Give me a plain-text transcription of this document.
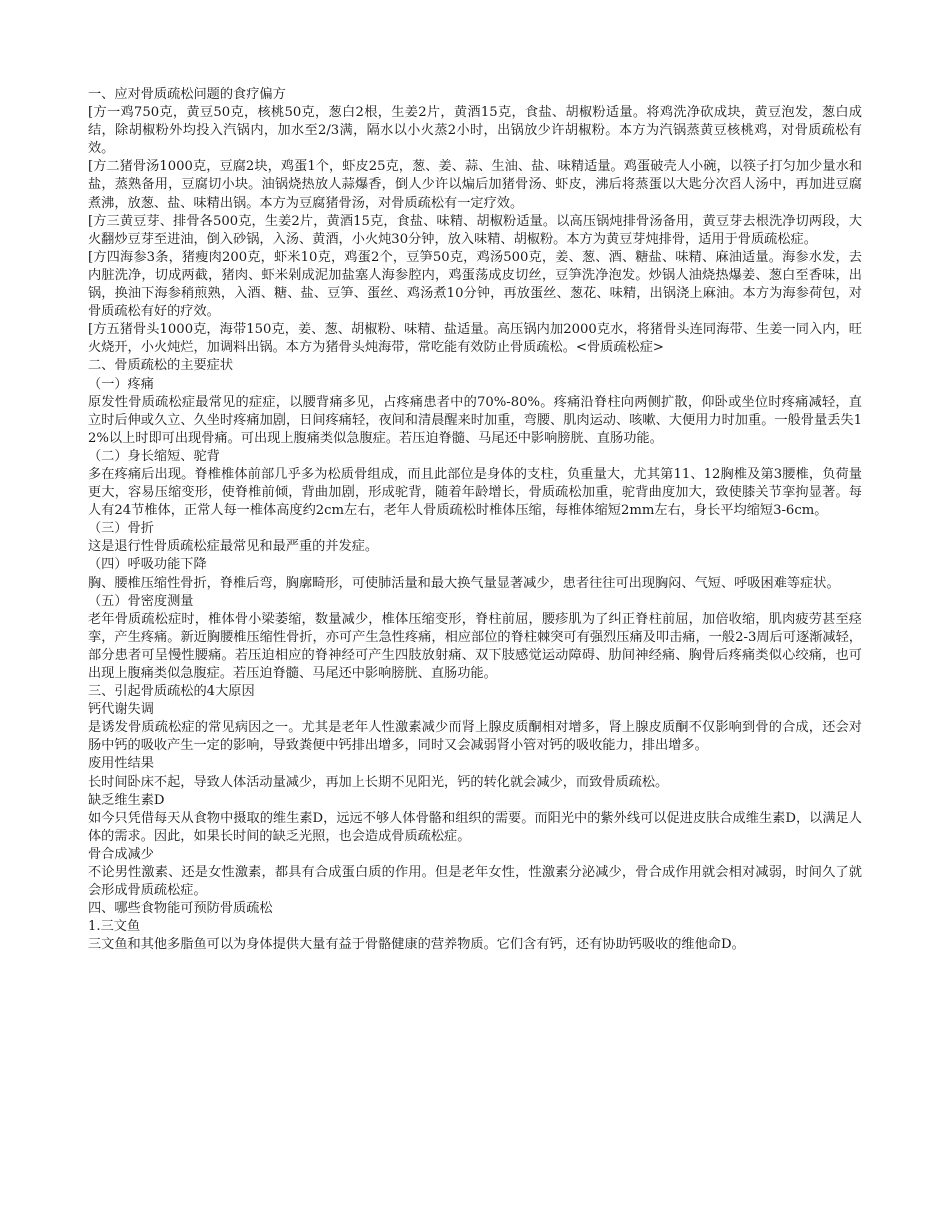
一、应对骨质疏松问题的食疗偏方

[方一鸡750克，黄豆50克，核桃50克，葱白2根，生姜2片，黄酒15克，食盐、胡椒粉适量。将鸡洗净砍成块，黄豆泡发，葱白成结，除胡椒粉外均投入汽锅内，加水至2/3满，隔水以小火蒸2小时，出锅放少许胡椒粉。本方为汽锅蒸黄豆核桃鸡，对骨质疏松有效。

[方二猪骨汤1000克，豆腐2块，鸡蛋1个，虾皮25克，葱、姜、蒜、生油、盐、味精适量。鸡蛋破壳人小碗，以筷子打匀加少量水和盐，蒸熟备用，豆腐切小块。油锅烧热放人蒜爆香，倒人少许以煸后加猪骨汤、虾皮，沸后将蒸蛋以大匙分次舀人汤中，再加进豆腐煮沸，放葱、盐、味精出锅。本方为豆腐猪骨汤，对骨质疏松有一定疗效。

[方三黄豆芽、排骨各500克，生姜2片，黄酒15克，食盐、味精、胡椒粉适量。以高压锅炖排骨汤备用，黄豆芽去根洗净切两段，大火翻炒豆芽至进油，倒入砂锅，入汤、黄酒，小火炖30分钟，放入味精、胡椒粉。本方为黄豆芽炖排骨，适用于骨质疏松症。

[方四海参3条，猪瘦肉200克，虾米10克，鸡蛋2个，豆笋50克，鸡汤500克，姜、葱、酒、糖盐、味精、麻油适量。海参水发，去内脏洗净，切成两截，猪肉、虾米剁成泥加盐塞人海参腔内，鸡蛋荡成皮切丝，豆笋洗净泡发。炒锅人油烧热爆姜、葱白至香味，出锅，换油下海参稍煎熟，入酒、糖、盐、豆笋、蛋丝、鸡汤煮10分钟，再放蛋丝、葱花、味精，出锅浇上麻油。本方为海参荷包，对骨质疏松有好的疗效。

[方五猪骨头1000克，海带150克，姜、葱、胡椒粉、味精、盐适量。高压锅内加2000克水，将猪骨头连同海带、生姜一同入内，旺火烧开，小火炖烂，加调料出锅。本方为猪骨头炖海带，常吃能有效防止骨质疏松。<骨质疏松症>

二、骨质疏松的主要症状

（一）疼痛

原发性骨质疏松症最常见的症症，以腰背痛多见，占疼痛患者中的70%-80%。疼痛沿脊柱向两侧扩散，仰卧或坐位时疼痛减轻，直立时后伸或久立、久坐时疼痛加剧，日间疼痛轻，夜间和清晨醒来时加重，弯腰、肌肉运动、咳嗽、大便用力时加重。一般骨量丢失12%以上时即可出现骨痛。可出现上腹痛类似急腹症。若压迫脊髓、马尾还中影响膀胱、直肠功能。

（二）身长缩短、驼背

多在疼痛后出现。脊椎椎体前部几乎多为松质骨组成，而且此部位是身体的支柱，负重量大，尤其第11、12胸椎及第3腰椎，负荷量更大，容易压缩变形，使脊椎前倾，背曲加剧，形成驼背，随着年龄增长，骨质疏松加重，驼背曲度加大，致使膝关节挛拘显著。每人有24节椎体，正常人每一椎体高度约2cm左右，老年人骨质疏松时椎体压缩，每椎体缩短2mm左右，身长平均缩短3-6cm。

（三）骨折

这是退行性骨质疏松症最常见和最严重的并发症。

（四）呼吸功能下降

胸、腰椎压缩性骨折，脊椎后弯，胸廓畸形，可使肺活量和最大换气量显著减少，患者往往可出现胸闷、气短、呼吸困难等症状。

（五）骨密度测量

老年骨质疏松症时，椎体骨小梁萎缩，数量减少，椎体压缩变形，脊柱前屈，腰疹肌为了纠正脊柱前屈，加倍收缩，肌肉疲劳甚至痉挛，产生疼痛。新近胸腰椎压缩性骨折，亦可产生急性疼痛，相应部位的脊柱棘突可有强烈压痛及叩击痛，一般2-3周后可逐渐减轻，部分患者可呈慢性腰痛。若压迫相应的脊神经可产生四肢放射痛、双下肢感觉运动障碍、肋间神经痛、胸骨后疼痛类似心绞痛，也可出现上腹痛类似急腹症。若压迫脊髓、马尾还中影响膀胱、直肠功能。

三、引起骨质疏松的4大原因

钙代谢失调

是诱发骨质疏松症的常见病因之一。尤其是老年人性激素减少而肾上腺皮质酮相对增多，肾上腺皮质酮不仅影响到骨的合成，还会对肠中钙的吸收产生一定的影响，导致粪便中钙排出增多，同时又会减弱肾小管对钙的吸收能力，排出增多。

废用性结果

长时间卧床不起，导致人体活动量减少，再加上长期不见阳光，钙的转化就会减少，而致骨质疏松。

缺乏维生素D

如今只凭借每天从食物中摄取的维生素D，远远不够人体骨骼和组织的需要。而阳光中的紫外线可以促进皮肤合成维生素D，以满足人体的需求。因此，如果长时间的缺乏光照，也会造成骨质疏松症。

骨合成减少

不论男性激素、还是女性激素，都具有合成蛋白质的作用。但是老年女性，性激素分泌减少，骨合成作用就会相对减弱，时间久了就会形成骨质疏松症。

四、哪些食物能可预防骨质疏松

1.三文鱼

三文鱼和其他多脂鱼可以为身体提供大量有益于骨骼健康的营养物质。它们含有钙，还有协助钙吸收的维他命D。
